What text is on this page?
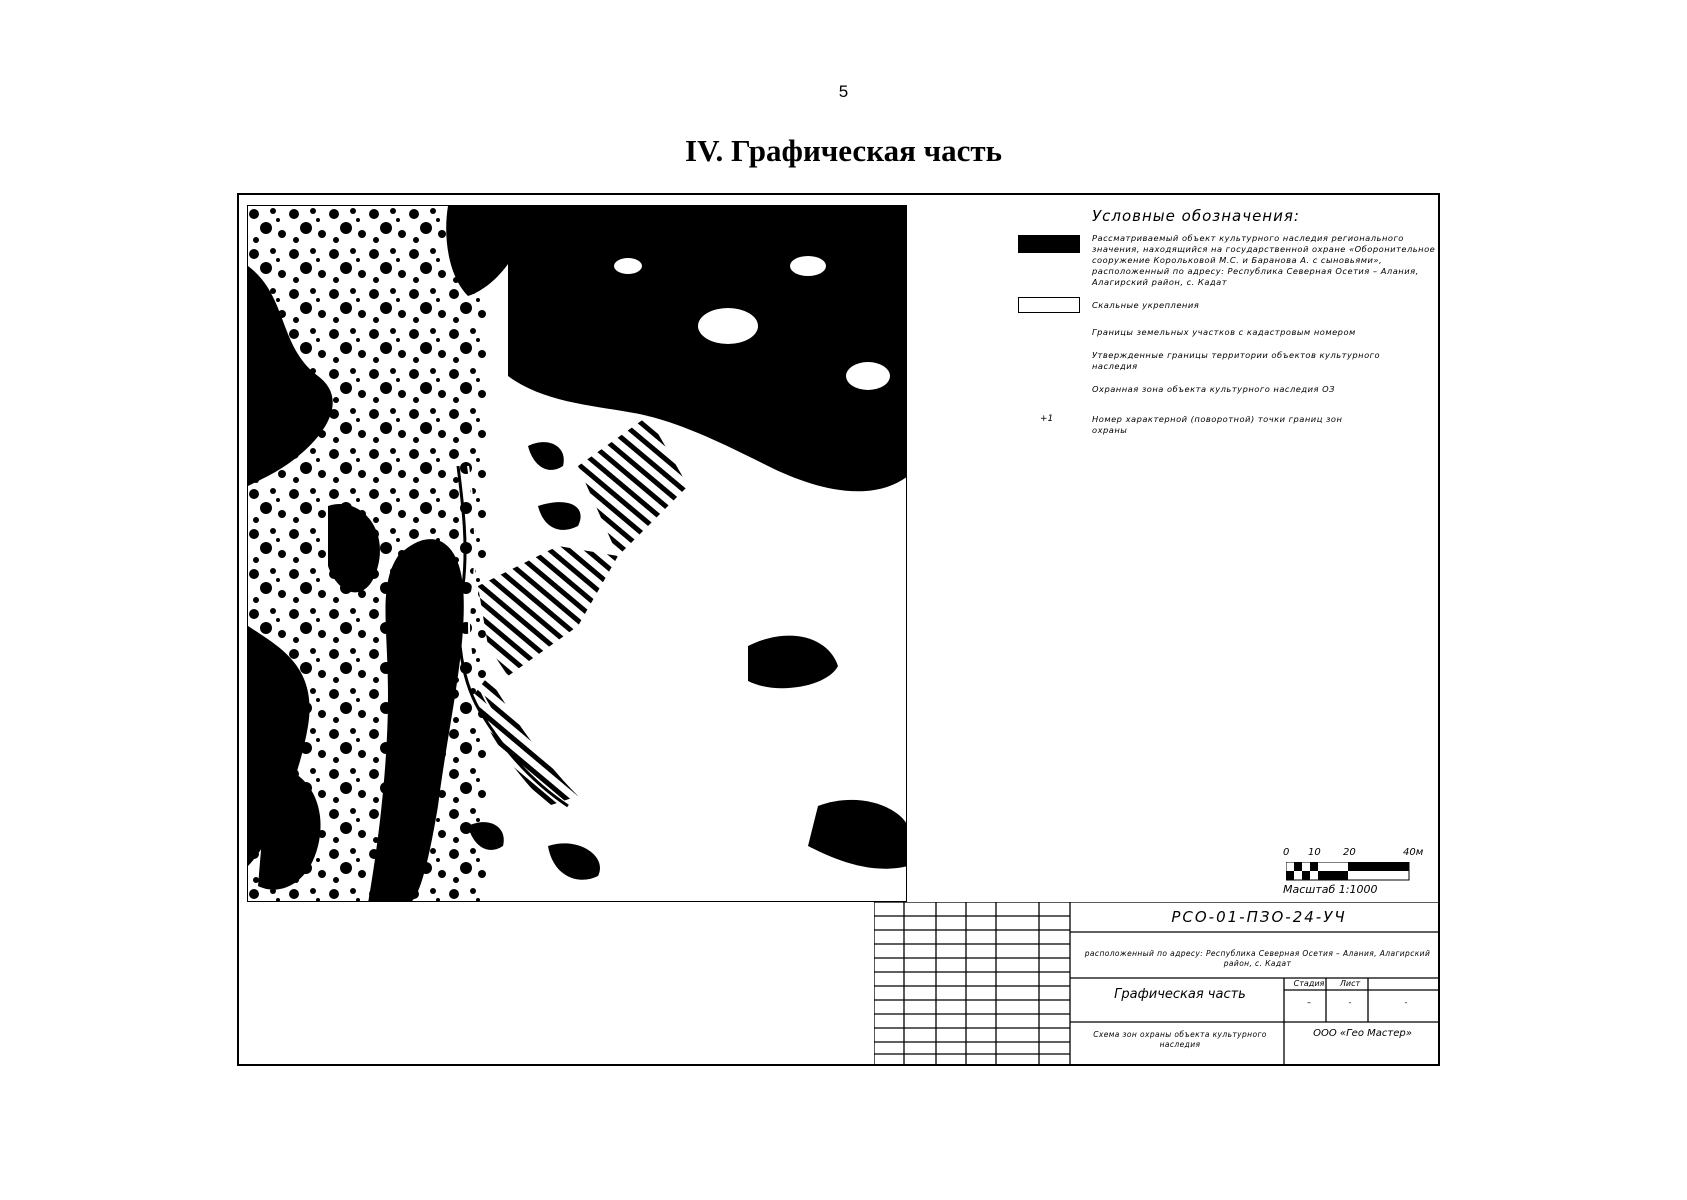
5
IV. Графическая часть
Условные обозначения:
Рассматриваемый объект культурного наследия регионального значения, находящийся на государственной охране «Оборонительное сооружение Корольковой М.С. и Баранова А. с сыновьями», расположенный по адресу: Республика Северная Осетия – Алания, Алагирский район, с. Кадат
Скальные укрепления
Границы земельных участков с кадастровым номером
Утвержденные границы территории объектов культурного наследия
Охранная зона объекта культурного наследия ОЗ
+1	Номер характерной (поворотной) точки границ зон охраны
0 10 20	40м
Масштаб 1:1000
РСО-01-ПЗО-24-УЧ
расположенный по адресу: Республика Северная Осетия – Алания, Алагирский район, с. Кадат
Графическая часть
Стадия	Лист
–	-	-
Схема зон охраны объекта культурного наследия
ООО «Гео Мастер»
